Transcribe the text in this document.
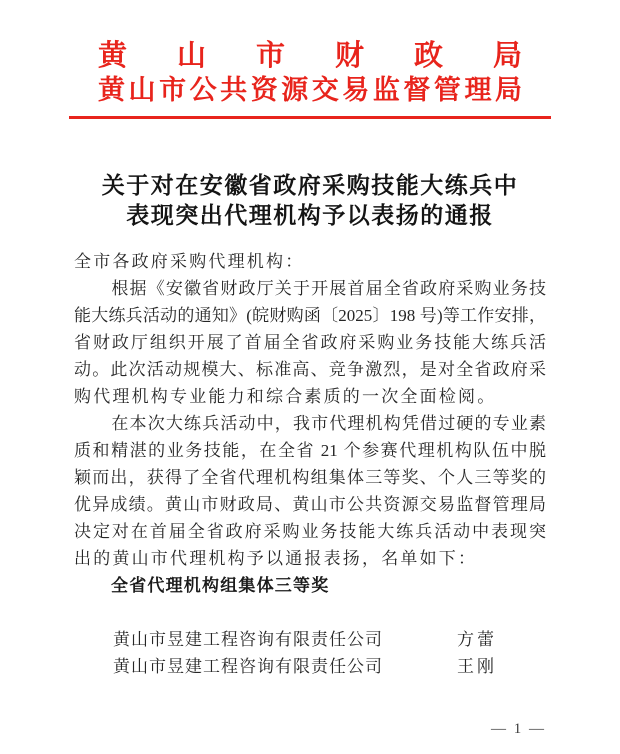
黄 山 市 财 政 局
黄山市公共资源交易监督管理局
关于对在安徽省政府采购技能大练兵中
表现突出代理机构予以表扬的通报
全市各政府采购代理机构：
根据《安徽省财政厅关于开展首届全省政府采购业务技
能大练兵活动的通知》(皖财购函〔2025〕198 号)等工作安排，
省财政厅组织开展了首届全省政府采购业务技能大练兵活
动。此次活动规模大、标准高、竞争激烈，是对全省政府采
购代理机构专业能力和综合素质的一次全面检阅。
在本次大练兵活动中，我市代理机构凭借过硬的专业素
质和精湛的业务技能，在全省 21 个参赛代理机构队伍中脱
颖而出，获得了全省代理机构组集体三等奖、个人三等奖的
优异成绩。黄山市财政局、黄山市公共资源交易监督管理局
决定对在首届全省政府采购业务技能大练兵活动中表现突
出的黄山市代理机构予以通报表扬，名单如下：
全省代理机构组集体三等奖
黄山市昱建工程咨询有限责任公司	方蕾
黄山市昱建工程咨询有限责任公司	王刚
— 1 —
